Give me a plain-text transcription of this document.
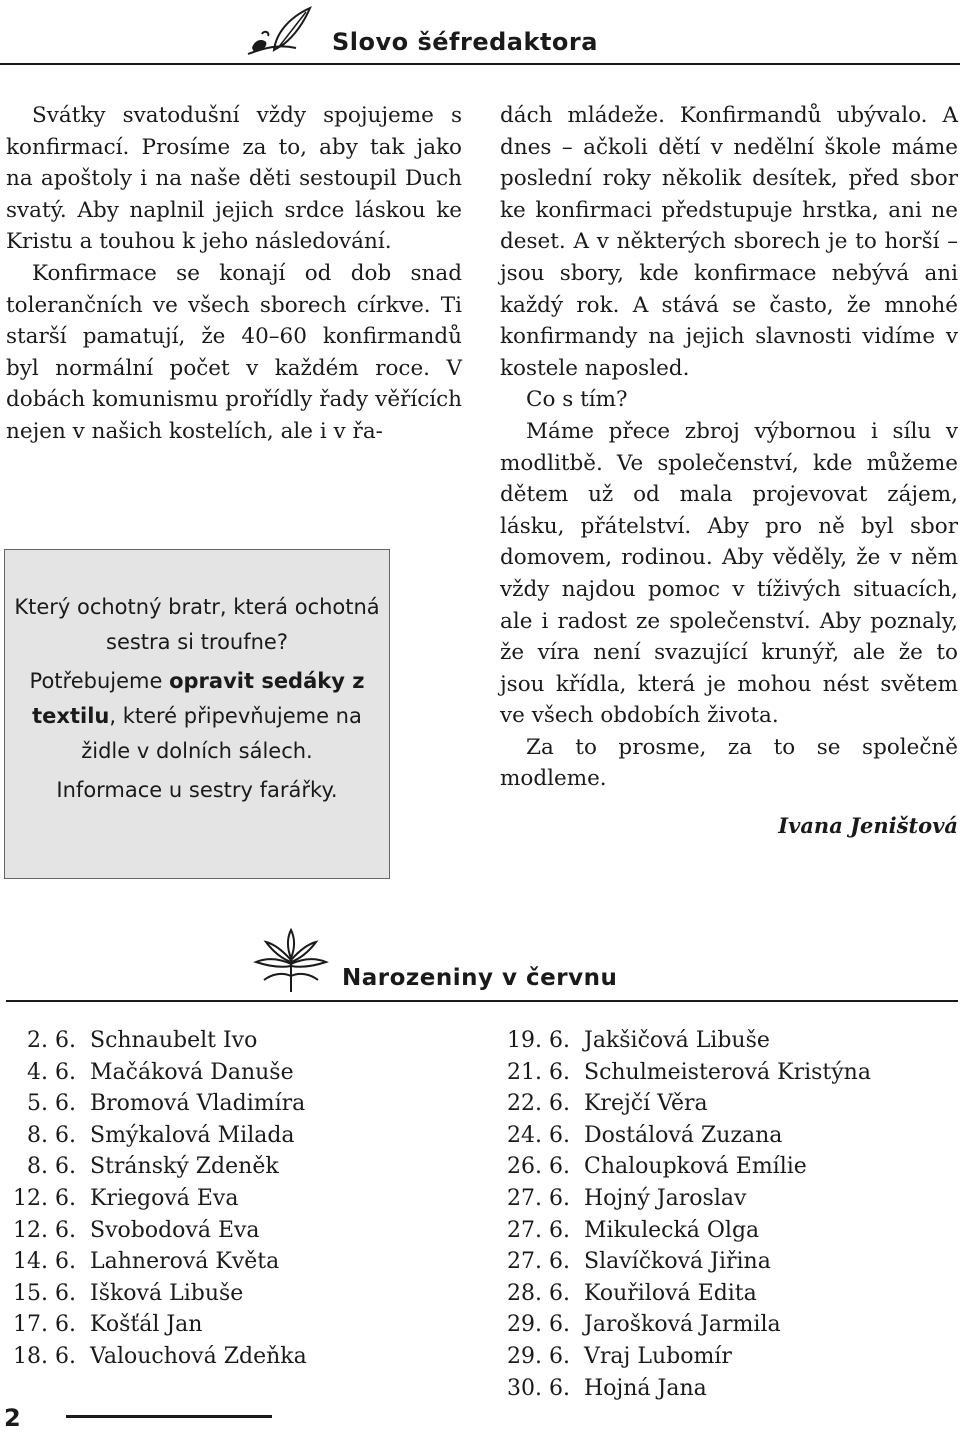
Slovo šéfredaktora

Svátky svatodušní vždy spojujeme s konfirmací. Prosíme za to, aby tak jako na apoštoly i na naše děti sestoupil Duch svatý. Aby naplnil jejich srdce láskou ke Kristu a touhou k jeho následování.

Konfirmace se konají od dob snad tolerančních ve všech sborech církve. Ti starší pamatují, že 40–60 konfirmandů byl normální počet v každém roce. V dobách komunismu prořídly řady věřících nejen v našich kostelích, ale i v řa-

Který ochotný bratr, která ochotná sestra si troufne?

Potřebujeme opravit sedáky z textilu, které připevňujeme na židle v dolních sálech.

Informace u sestry farářky.

dách mládeže. Konfirmandů ubývalo. A dnes – ačkoli dětí v nedělní škole máme poslední roky několik desítek, před sbor ke konfirmaci předstupuje hrstka, ani ne deset. A v některých sborech je to horší – jsou sbory, kde konfirmace nebývá ani každý rok. A stává se často, že mnohé konfirmandy na jejich slavnosti vidíme v kostele naposled.

Co s tím?

Máme přece zbroj výbornou i sílu v modlitbě. Ve společenství, kde můžeme dětem už od mala projevovat zájem, lásku, přátelství. Aby pro ně byl sbor domovem, rodinou. Aby věděly, že v něm vždy najdou pomoc v tíživých situacích, ale i radost ze společenství. Aby poznaly, že víra není svazující krunýř, ale že to jsou křídla, která je mohou nést světem ve všech obdobích života.

Za to prosme, za to se společně modleme.

Ivana Jeništová
Narozeniny v červnu
2. 6. Schnaubelt Ivo
4. 6. Mačáková Danuše
5. 6. Bromová Vladimíra
8. 6. Smýkalová Milada
8. 6. Stránský Zdeněk
12. 6. Kriegová Eva
12. 6. Svobodová Eva
14. 6. Lahnerová Květa
15. 6. Išková Libuše
17. 6. Košťál Jan
18. 6. Valouchová Zdeňka
19. 6. Jakšičová Libuše
21. 6. Schulmeisterová Kristýna
22. 6. Krejčí Věra
24. 6. Dostálová Zuzana
26. 6. Chaloupková Emílie
27. 6. Hojný Jaroslav
27. 6. Mikulecká Olga
27. 6. Slavíčková Jiřina
28. 6. Kouřilová Edita
29. 6. Jarošková Jarmila
29. 6. Vraj Lubomír
30. 6. Hojná Jana
2
